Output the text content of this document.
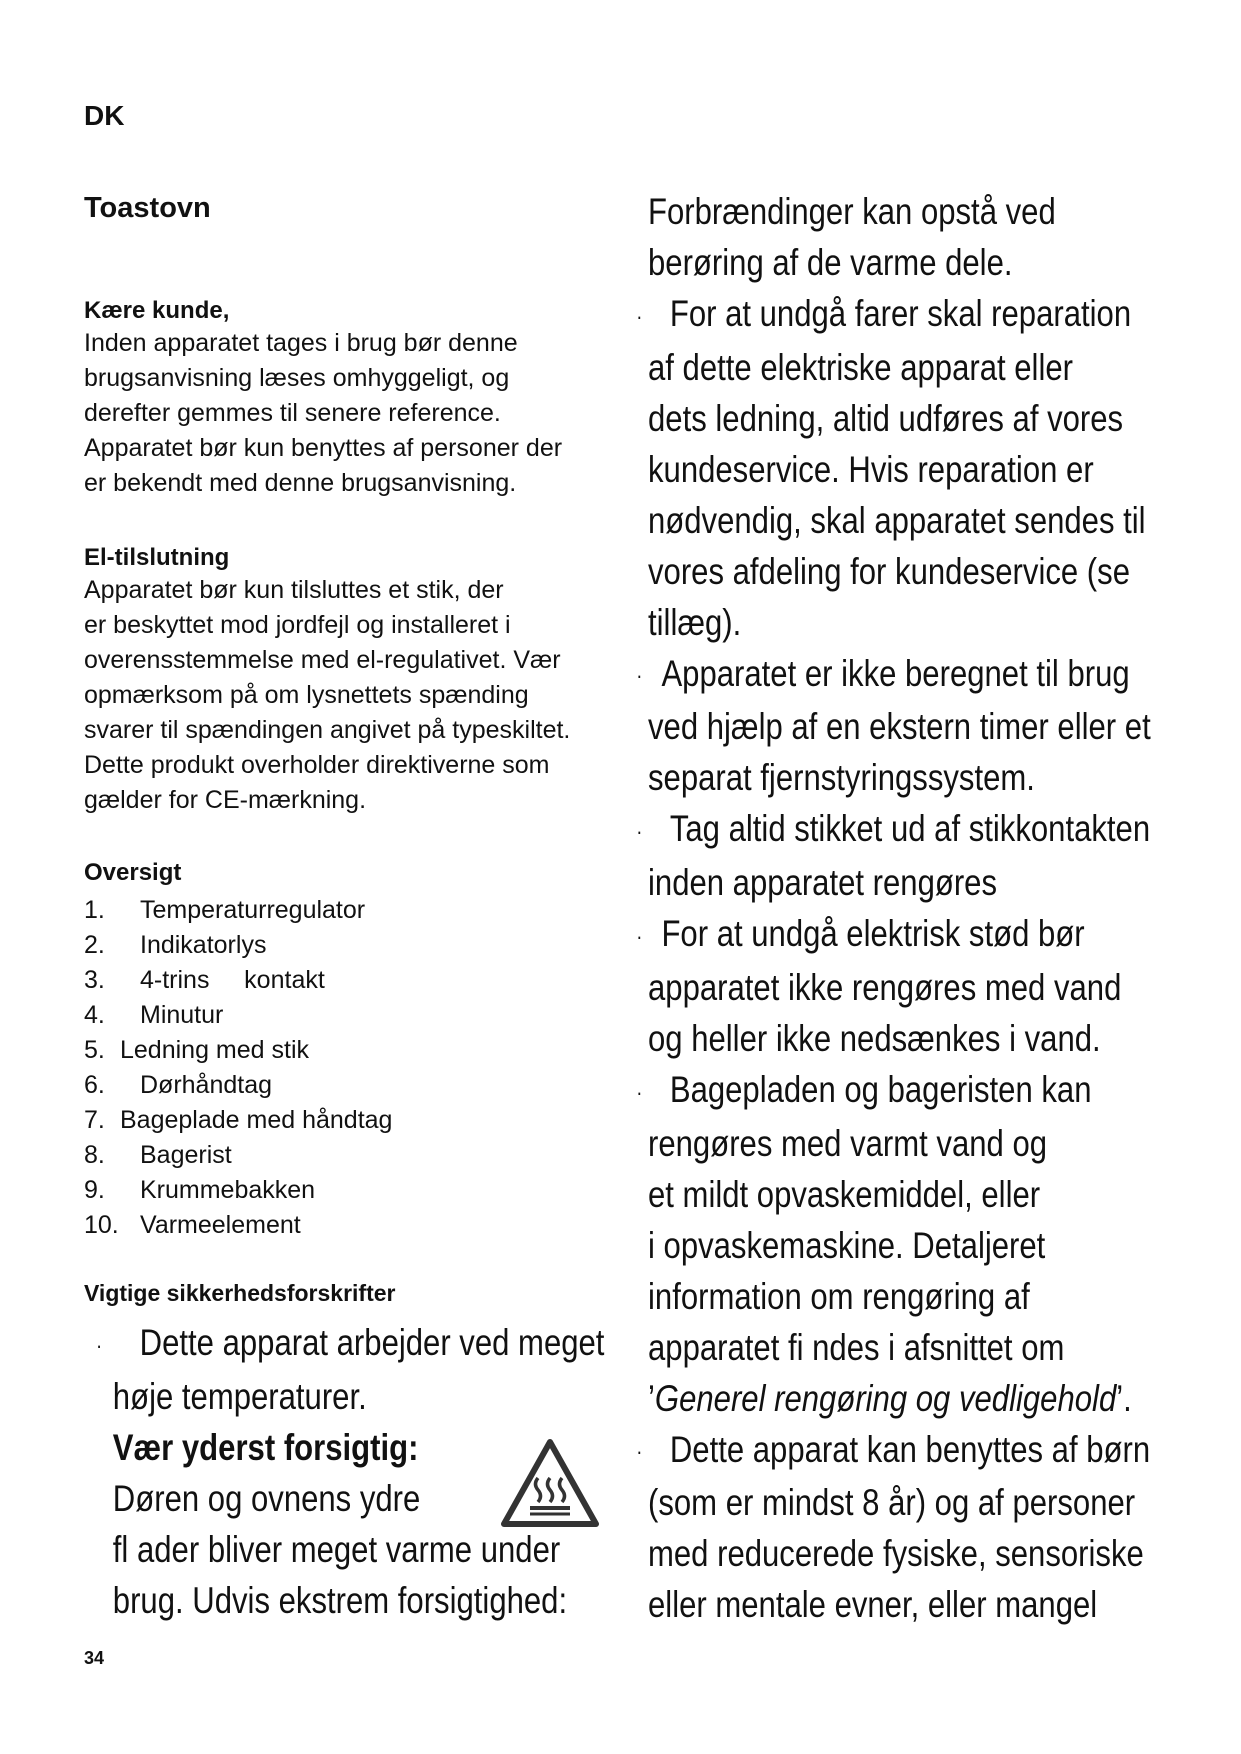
DK
Toastovn
Kære kunde,
Inden apparatet tages i brug bør denne
brugsanvisning læses omhyggeligt, og
derefter gemmes til senere reference.
Apparatet bør kun benyttes af personer der
er bekendt med denne brugsanvisning.
El-tilslutning
Apparatet bør kun tilsluttes et stik, der
er beskyttet mod jordfejl og installeret i
overensstemmelse med el-regulativet. Vær
opmærksom på om lysnettets spænding
svarer til spændingen angivet på typeskiltet.
Dette produkt overholder direktiverne som
gælder for CE-mærkning.
Oversigt
1.	Temperaturregulator
2.	Indikatorlys
3.	4-trins     kontakt
4.	Minutur
5. Ledning med stik
6.	Dørhåndtag
7. Bageplade med håndtag
8.	Bagerist
9.	Krummebakken
10. Varmeelement
Vigtige sikkerhedsforskrifter
· Dette apparat arbejder ved meget
høje temperaturer.
Vær yderst forsigtig:
Døren og ovnens ydre
fl ader bliver meget varme under
brug. Udvis ekstrem forsigtighed:
Forbrændinger kan opstå ved
berøring af de varme dele.
· For at undgå farer skal reparation
af dette elektriske apparat eller
dets ledning, altid udføres af vores
kundeservice. Hvis reparation er
nødvendig, skal apparatet sendes til
vores afdeling for kundeservice (se
tillæg).
· Apparatet er ikke beregnet til brug
ved hjælp af en ekstern timer eller et
separat fjernstyringssystem.
· Tag altid stikket ud af stikkontakten
inden apparatet rengøres
· For at undgå elektrisk stød bør
apparatet ikke rengøres med vand
og heller ikke nedsænkes i vand.
· Bagepladen og bageristen kan
rengøres med varmt vand og
et mildt opvaskemiddel, eller
i opvaskemaskine. Detaljeret
information om rengøring af
apparatet fi ndes i afsnittet om
’Generel rengøring og vedligehold’.
· Dette apparat kan benyttes af børn
(som er mindst 8 år) og af personer
med reducerede fysiske, sensoriske
eller mentale evner, eller mangel
34
